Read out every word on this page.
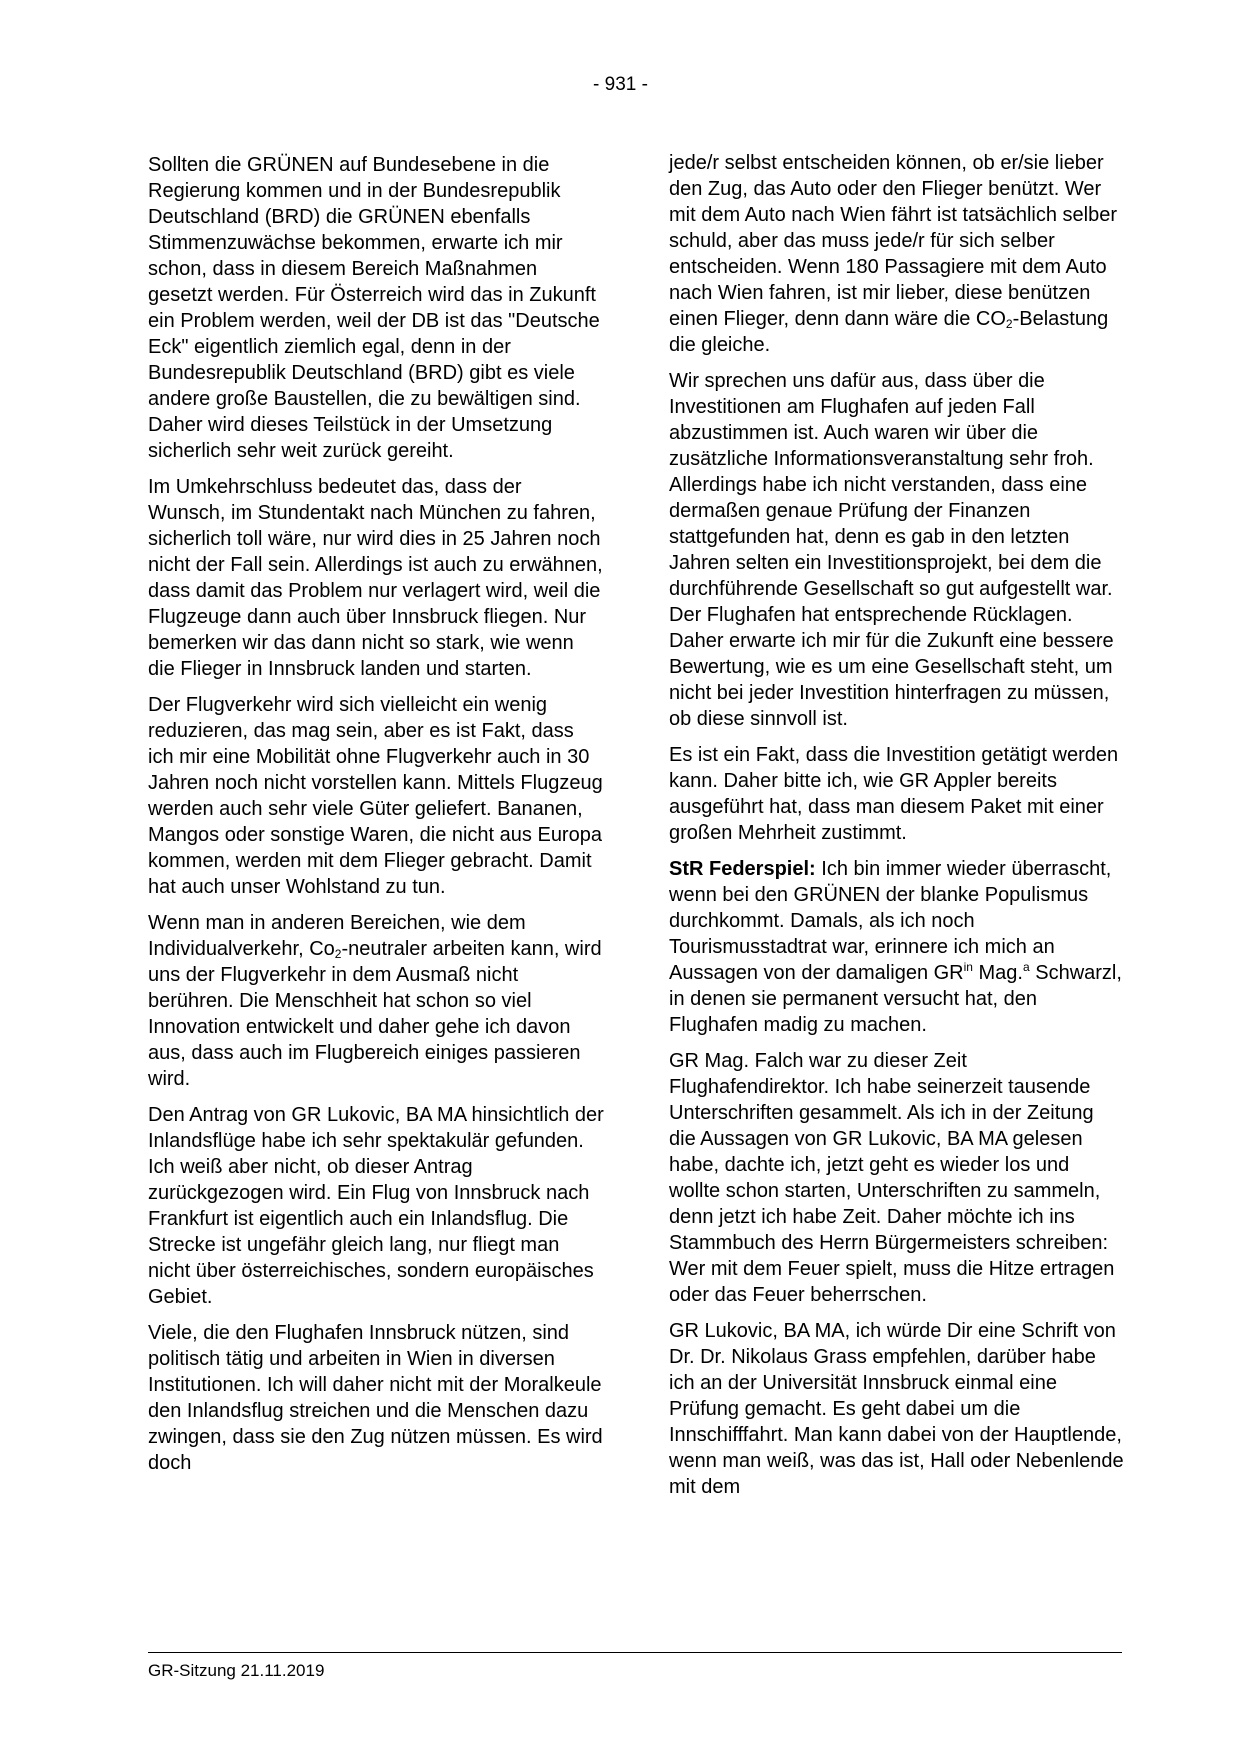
- 931 -

Sollten die GRÜNEN auf Bundesebene in die Regierung kommen und in der Bundesrepublik Deutschland (BRD) die GRÜNEN ebenfalls Stimmenzuwächse bekommen, erwarte ich mir schon, dass in diesem Bereich Maßnahmen gesetzt werden. Für Österreich wird das in Zukunft ein Problem werden, weil der DB ist das "Deutsche Eck" eigentlich ziemlich egal, denn in der Bundesrepublik Deutschland (BRD) gibt es viele andere große Baustellen, die zu bewältigen sind. Daher wird dieses Teilstück in der Umsetzung sicherlich sehr weit zurück gereiht.

Im Umkehrschluss bedeutet das, dass der Wunsch, im Stundentakt nach München zu fahren, sicherlich toll wäre, nur wird dies in 25 Jahren noch nicht der Fall sein. Allerdings ist auch zu erwähnen, dass damit das Problem nur verlagert wird, weil die Flugzeuge dann auch über Innsbruck fliegen. Nur bemerken wir das dann nicht so stark, wie wenn die Flieger in Innsbruck landen und starten.

Der Flugverkehr wird sich vielleicht ein wenig reduzieren, das mag sein, aber es ist Fakt, dass ich mir eine Mobilität ohne Flugverkehr auch in 30 Jahren noch nicht vorstellen kann. Mittels Flugzeug werden auch sehr viele Güter geliefert. Bananen, Mangos oder sonstige Waren, die nicht aus Europa kommen, werden mit dem Flieger gebracht. Damit hat auch unser Wohlstand zu tun.

Wenn man in anderen Bereichen, wie dem Individualverkehr, $Co_2$-neutraler arbeiten kann, wird uns der Flugverkehr in dem Ausmaß nicht berühren. Die Menschheit hat schon so viel Innovation entwickelt und daher gehe ich davon aus, dass auch im Flugbereich einiges passieren wird.

Den Antrag von GR Lukovic, BA MA hinsichtlich der Inlandsflüge habe ich sehr spektakulär gefunden. Ich weiß aber nicht, ob dieser Antrag zurückgezogen wird. Ein Flug von Innsbruck nach Frankfurt ist eigentlich auch ein Inlandsflug. Die Strecke ist ungefähr gleich lang, nur fliegt man nicht über österreichisches, sondern europäisches Gebiet.

Viele, die den Flughafen Innsbruck nützen, sind politisch tätig und arbeiten in Wien in diversen Institutionen. Ich will daher nicht mit der Moralkeule den Inlandsflug streichen und die Menschen dazu zwingen, dass sie den Zug nützen müssen. Es wird doch

jede/r selbst entscheiden können, ob er/sie lieber den Zug, das Auto oder den Flieger benützt. Wer mit dem Auto nach Wien fährt ist tatsächlich selber schuld, aber das muss jede/r für sich selber entscheiden. Wenn 180 Passagiere mit dem Auto nach Wien fahren, ist mir lieber, diese benützen einen Flieger, denn dann wäre die $CO_2$-Belastung die gleiche.

Wir sprechen uns dafür aus, dass über die Investitionen am Flughafen auf jeden Fall abzustimmen ist. Auch waren wir über die zusätzliche Informationsveranstaltung sehr froh. Allerdings habe ich nicht verstanden, dass eine dermaßen genaue Prüfung der Finanzen stattgefunden hat, denn es gab in den letzten Jahren selten ein Investitionsprojekt, bei dem die durchführende Gesellschaft so gut aufgestellt war. Der Flughafen hat entsprechende Rücklagen. Daher erwarte ich mir für die Zukunft eine bessere Bewertung, wie es um eine Gesellschaft steht, um nicht bei jeder Investition hinterfragen zu müssen, ob diese sinnvoll ist.

Es ist ein Fakt, dass die Investition getätigt werden kann. Daher bitte ich, wie GR Appler bereits ausgeführt hat, dass man diesem Paket mit einer großen Mehrheit zustimmt.

StR Federspiel: Ich bin immer wieder überrascht, wenn bei den GRÜNEN der blanke Populismus durchkommt. Damals, als ich noch Tourismusstadtrat war, erinnere ich mich an Aussagen von der damaligen $GR^{in}$ Mag.$^a$ Schwarzl, in denen sie permanent versucht hat, den Flughafen madig zu machen.

GR Mag. Falch war zu dieser Zeit Flughafendirektor. Ich habe seinerzeit tausende Unterschriften gesammelt. Als ich in der Zeitung die Aussagen von GR Lukovic, BA MA gelesen habe, dachte ich, jetzt geht es wieder los und wollte schon starten, Unterschriften zu sammeln, denn jetzt ich habe Zeit. Daher möchte ich ins Stammbuch des Herrn Bürgermeisters schreiben: Wer mit dem Feuer spielt, muss die Hitze ertragen oder das Feuer beherrschen.

GR Lukovic, BA MA, ich würde Dir eine Schrift von Dr. Dr. Nikolaus Grass empfehlen, darüber habe ich an der Universität Innsbruck einmal eine Prüfung gemacht. Es geht dabei um die Innschifffahrt. Man kann dabei von der Hauptlende, wenn man weiß, was das ist, Hall oder Nebenlende mit dem

GR-Sitzung 21.11.2019
